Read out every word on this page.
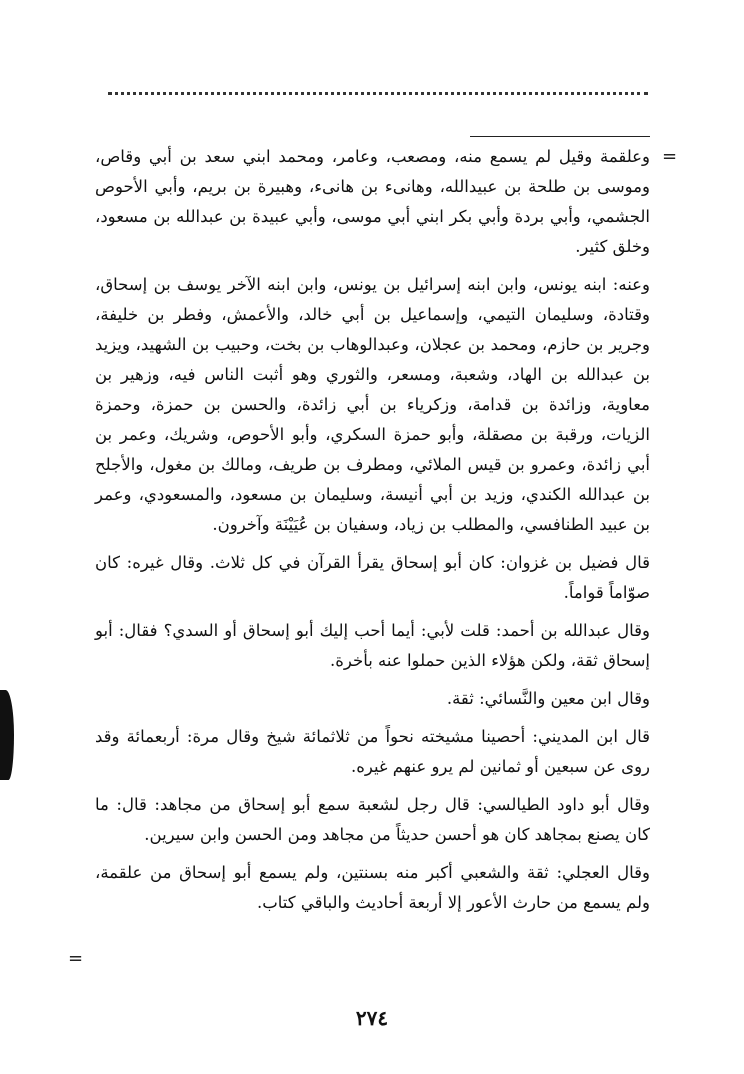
=
=

وعلقمة وقيل لم يسمع منه، ومصعب، وعامر، ومحمد ابني سعد بن أبي وقاص، وموسى بن طلحة بن عبيدالله، وهانىء بن هانىء، وهبيرة بن بريم، وأبي الأحوص الجشمي، وأبي بردة وأبي بكر ابني أبي موسى، وأبي عبيدة بن عبدالله بن مسعود، وخلق كثير.

وعنه: ابنه يونس، وابن ابنه إسرائيل بن يونس، وابن ابنه الآخر يوسف بن إسحاق، وقتادة، وسليمان التيمي، وإسماعيل بن أبي خالد، والأعمش، وفطر بن خليفة، وجرير بن حازم، ومحمد بن عجلان، وعبدالوهاب بن بخت، وحبيب بن الشهيد، ويزيد بن عبدالله بن الهاد، وشعبة، ومسعر، والثوري وهو أثبت الناس فيه، وزهير بن معاوية، وزائدة بن قدامة، وزكرياء بن أبي زائدة، والحسن بن حمزة، وحمزة الزيات، ورقبة بن مصقلة، وأبو حمزة السكري، وأبو الأحوص، وشريك، وعمر بن أبي زائدة، وعمرو بن قيس الملائي، ومطرف بن طريف، ومالك بن مغول، والأجلح بن عبدالله الكندي، وزيد بن أبي أنيسة، وسليمان بن مسعود، والمسعودي، وعمر بن عبيد الطنافسي، والمطلب بن زياد، وسفيان بن عُيَيْنَة وآخرون.

قال فضيل بن غزوان: كان أبو إسحاق يقرأ القرآن في كل ثلاث. وقال غيره: كان صوّاماً قواماً.

وقال عبدالله بن أحمد: قلت لأبي: أيما أحب إليك أبو إسحاق أو السدي؟ فقال: أبو إسحاق ثقة، ولكن هؤلاء الذين حملوا عنه بأخرة.

وقال ابن معين والنَّسائي: ثقة.

قال ابن المديني: أحصينا مشيخته نحواً من ثلاثمائة شيخ وقال مرة: أربعمائة وقد روى عن سبعين أو ثمانين لم يرو عنهم غيره.

وقال أبو داود الطيالسي: قال رجل لشعبة سمع أبو إسحاق من مجاهد: قال: ما كان يصنع بمجاهد كان هو أحسن حديثاً من مجاهد ومن الحسن وابن سيرين.

وقال العجلي: ثقة والشعبي أكبر منه بسنتين، ولم يسمع أبو إسحاق من علقمة، ولم يسمع من حارث الأعور إلا أربعة أحاديث والباقي كتاب.

٢٧٤
